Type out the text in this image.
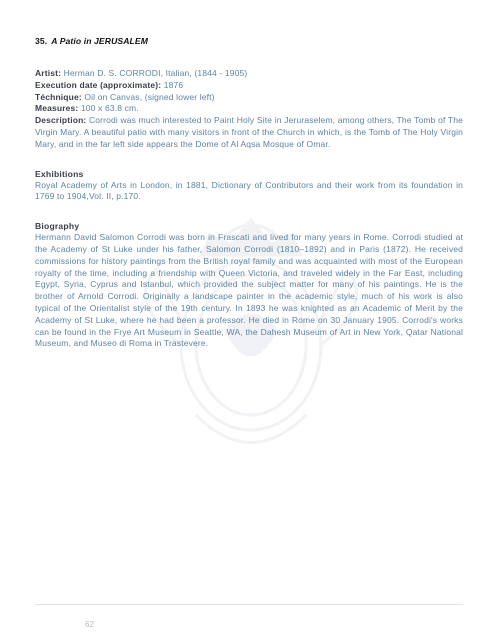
35. A Patio in JERUSALEM
Artist: Herman D. S. CORRODI, Italian, (1844 - 1905)
Execution date (approximate): 1876
Téchnique: Oil on Canvas, (signed lower left)
Measures: 100 x 63.8 cm.
Description: Corrodi was much interested to Paint Holy Site in Jeruraselem, among others, The Tomb of The Virgin Mary. A beautiful patio with many visitors in front of the Church in which, is the Tomb of The Holy Virgin Mary, and in the far left side appears the Dome of Al Aqsa Mosque of Omar.
Exhibitions
Royal Academy of Arts in London, in 1881, Dictionary of Contributors and their work from its foundation in 1769 to 1904,Vol. II, p.170.
Biography
Hermann David Salomon Corrodi was born in Frascati and lived for many years in Rome. Corrodi studied at the Academy of St Luke under his father, Salomon Corrodi (1810–1892) and in Paris (1872). He received commissions for history paintings from the British royal family and was acquainted with most of the European royalty of the time, including a friendship with Queen Victoria, and traveled widely in the Far East, including Egypt, Syria, Cyprus and Istanbul, which provided the subject matter for many of his paintings. He is the brother of Arnold Corrodi. Originally a landscape painter in the academic style, much of his work is also typical of the Orientalist style of the 19th century. In 1893 he was knighted as an Academic of Merit by the Academy of St Luke, where he had been a professor. He died in Rome on 30 January 1905. Corrodi's works can be found in the Frye Art Museum in Seattle, WA, the Dahesh Museum of Art in New York, Qatar National Museum, and Museo di Roma in Trastevere.
62
